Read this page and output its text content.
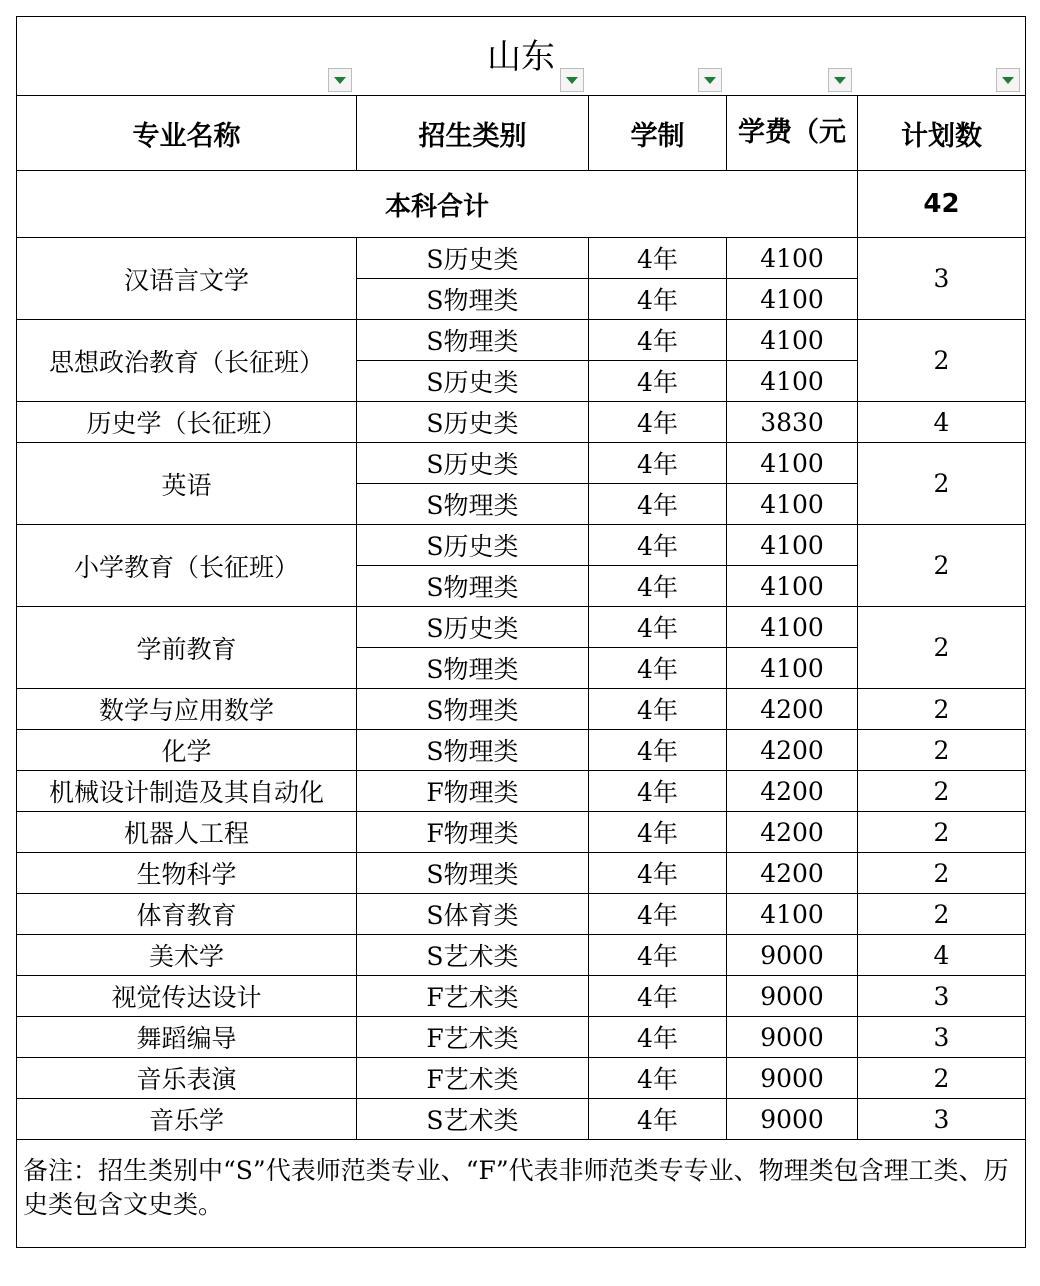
山东				

专业名称	招生类别	学制	学费（元	计划数
本科合计				42
汉语言文学	S历史类	4年	4100	3
	S物理类	4年	4100	
思想政治教育（长征班）	S物理类	4年	4100	2
	S历史类	4年	4100	
历史学（长征班）	S历史类	4年	3830	4
英语	S历史类	4年	4100	2
	S物理类	4年	4100	
小学教育（长征班）	S历史类	4年	4100	2
	S物理类	4年	4100	
学前教育	S历史类	4年	4100	2
	S物理类	4年	4100	
数学与应用数学	S物理类	4年	4200	2
化学	S物理类	4年	4200	2
机械设计制造及其自动化	F物理类	4年	4200	2
机器人工程	F物理类	4年	4200	2
生物科学	S物理类	4年	4200	2
体育教育	S体育类	4年	4100	2
美术学	S艺术类	4年	9000	4
视觉传达设计	F艺术类	4年	9000	3
舞蹈编导	F艺术类	4年	9000	3
音乐表演	F艺术类	4年	9000	2
音乐学	S艺术类	4年	9000	3
备注：招生类别中“S”代表师范类专业、“F”代表非师范类专专业、物理类包含理工类、历史类包含文史类。				
